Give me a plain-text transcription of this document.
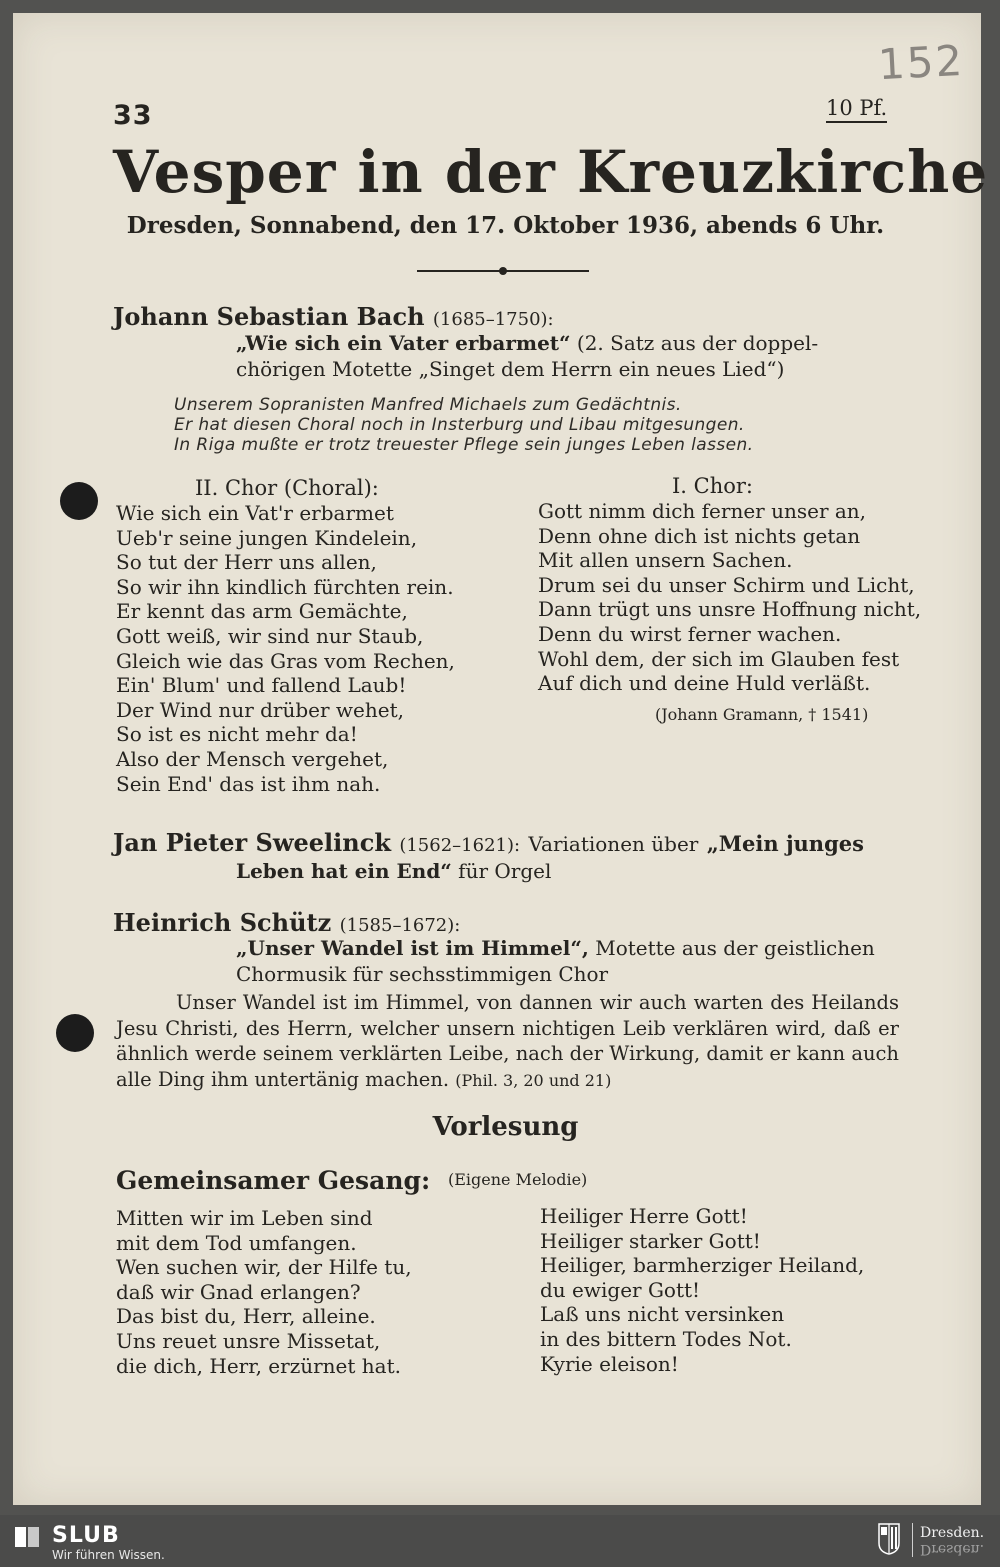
152
33	10 Pf.
Vesper in der Kreuzkirche
Dresden, Sonnabend, den 17. Oktober 1936, abends 6 Uhr.
Johann Sebastian Bach (1685–1750):
„Wie sich ein Vater erbarmet“ (2. Satz aus der doppel-
chörigen Motette „Singet dem Herrn ein neues Lied“)
Unserem Sopranisten Manfred Michaels zum Gedächtnis.
Er hat diesen Choral noch in Insterburg und Libau mitgesungen.
In Riga mußte er trotz treuester Pflege sein junges Leben lassen.
II. Chor (Choral):	I. Chor:
Wie sich ein Vat'r erbarmet
Ueb'r seine jungen Kindelein,
So tut der Herr uns allen,
So wir ihn kindlich fürchten rein.
Er kennt das arm Gemächte,
Gott weiß, wir sind nur Staub,
Gleich wie das Gras vom Rechen,
Ein' Blum' und fallend Laub!
Der Wind nur drüber wehet,
So ist es nicht mehr da!
Also der Mensch vergehet,
Sein End' das ist ihm nah.
Gott nimm dich ferner unser an,
Denn ohne dich ist nichts getan
Mit allen unsern Sachen.
Drum sei du unser Schirm und Licht,
Dann trügt uns unsre Hoffnung nicht,
Denn du wirst ferner wachen.
Wohl dem, der sich im Glauben fest
Auf dich und deine Huld verläßt.
(Johann Gramann, † 1541)
Jan Pieter Sweelinck (1562–1621): Variationen über „Mein junges
Leben hat ein End“ für Orgel
Heinrich Schütz (1585–1672):
„Unser Wandel ist im Himmel“, Motette aus der geistlichen
Chormusik für sechsstimmigen Chor
Unser Wandel ist im Himmel, von dannen wir auch warten des Heilands Jesu Christi, des Herrn, welcher unsern nichtigen Leib verklären wird, daß er ähnlich werde seinem verklärten Leibe, nach der Wirkung, damit er kann auch alle Ding ihm untertänig machen. (Phil. 3, 20 und 21)
Vorlesung
Gemeinsamer Gesang: (Eigene Melodie)
Mitten wir im Leben sind
mit dem Tod umfangen.
Wen suchen wir, der Hilfe tu,
daß wir Gnad erlangen?
Das bist du, Herr, alleine.
Uns reuet unsre Missetat,
die dich, Herr, erzürnet hat.
Heiliger Herre Gott!
Heiliger starker Gott!
Heiliger, barmherziger Heiland,
du ewiger Gott!
Laß uns nicht versinken
in des bittern Todes Not.
Kyrie eleison!
SLUB
Wir führen Wissen.
Dresden.
Dresden.
